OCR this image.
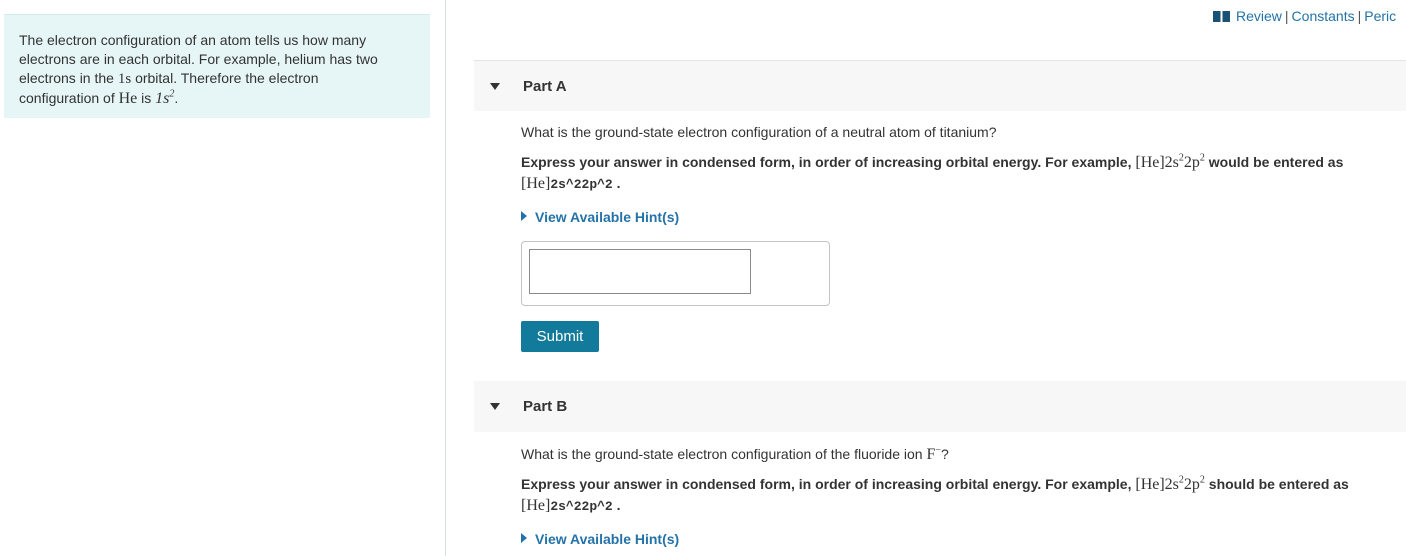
Review | Constants | Peric
The electron configuration of an atom tells us how many
electrons are in each orbital. For example, helium has two
electrons in the 1s orbital. Therefore the electron
configuration of He is $1s^2$.
Part A
What is the ground-state electron configuration of a neutral atom of titanium?
Express your answer in condensed form, in order of increasing orbital energy. For example, $[He]2s^22p^2$ would be entered as
[He]2s^22p^2 .
View Available Hint(s)
Submit
Part B
What is the ground-state electron configuration of the fluoride ion F−?
Express your answer in condensed form, in order of increasing orbital energy. For example, $[He]2s^22p^2$ should be entered as
[He]2s^22p^2 .
View Available Hint(s)
